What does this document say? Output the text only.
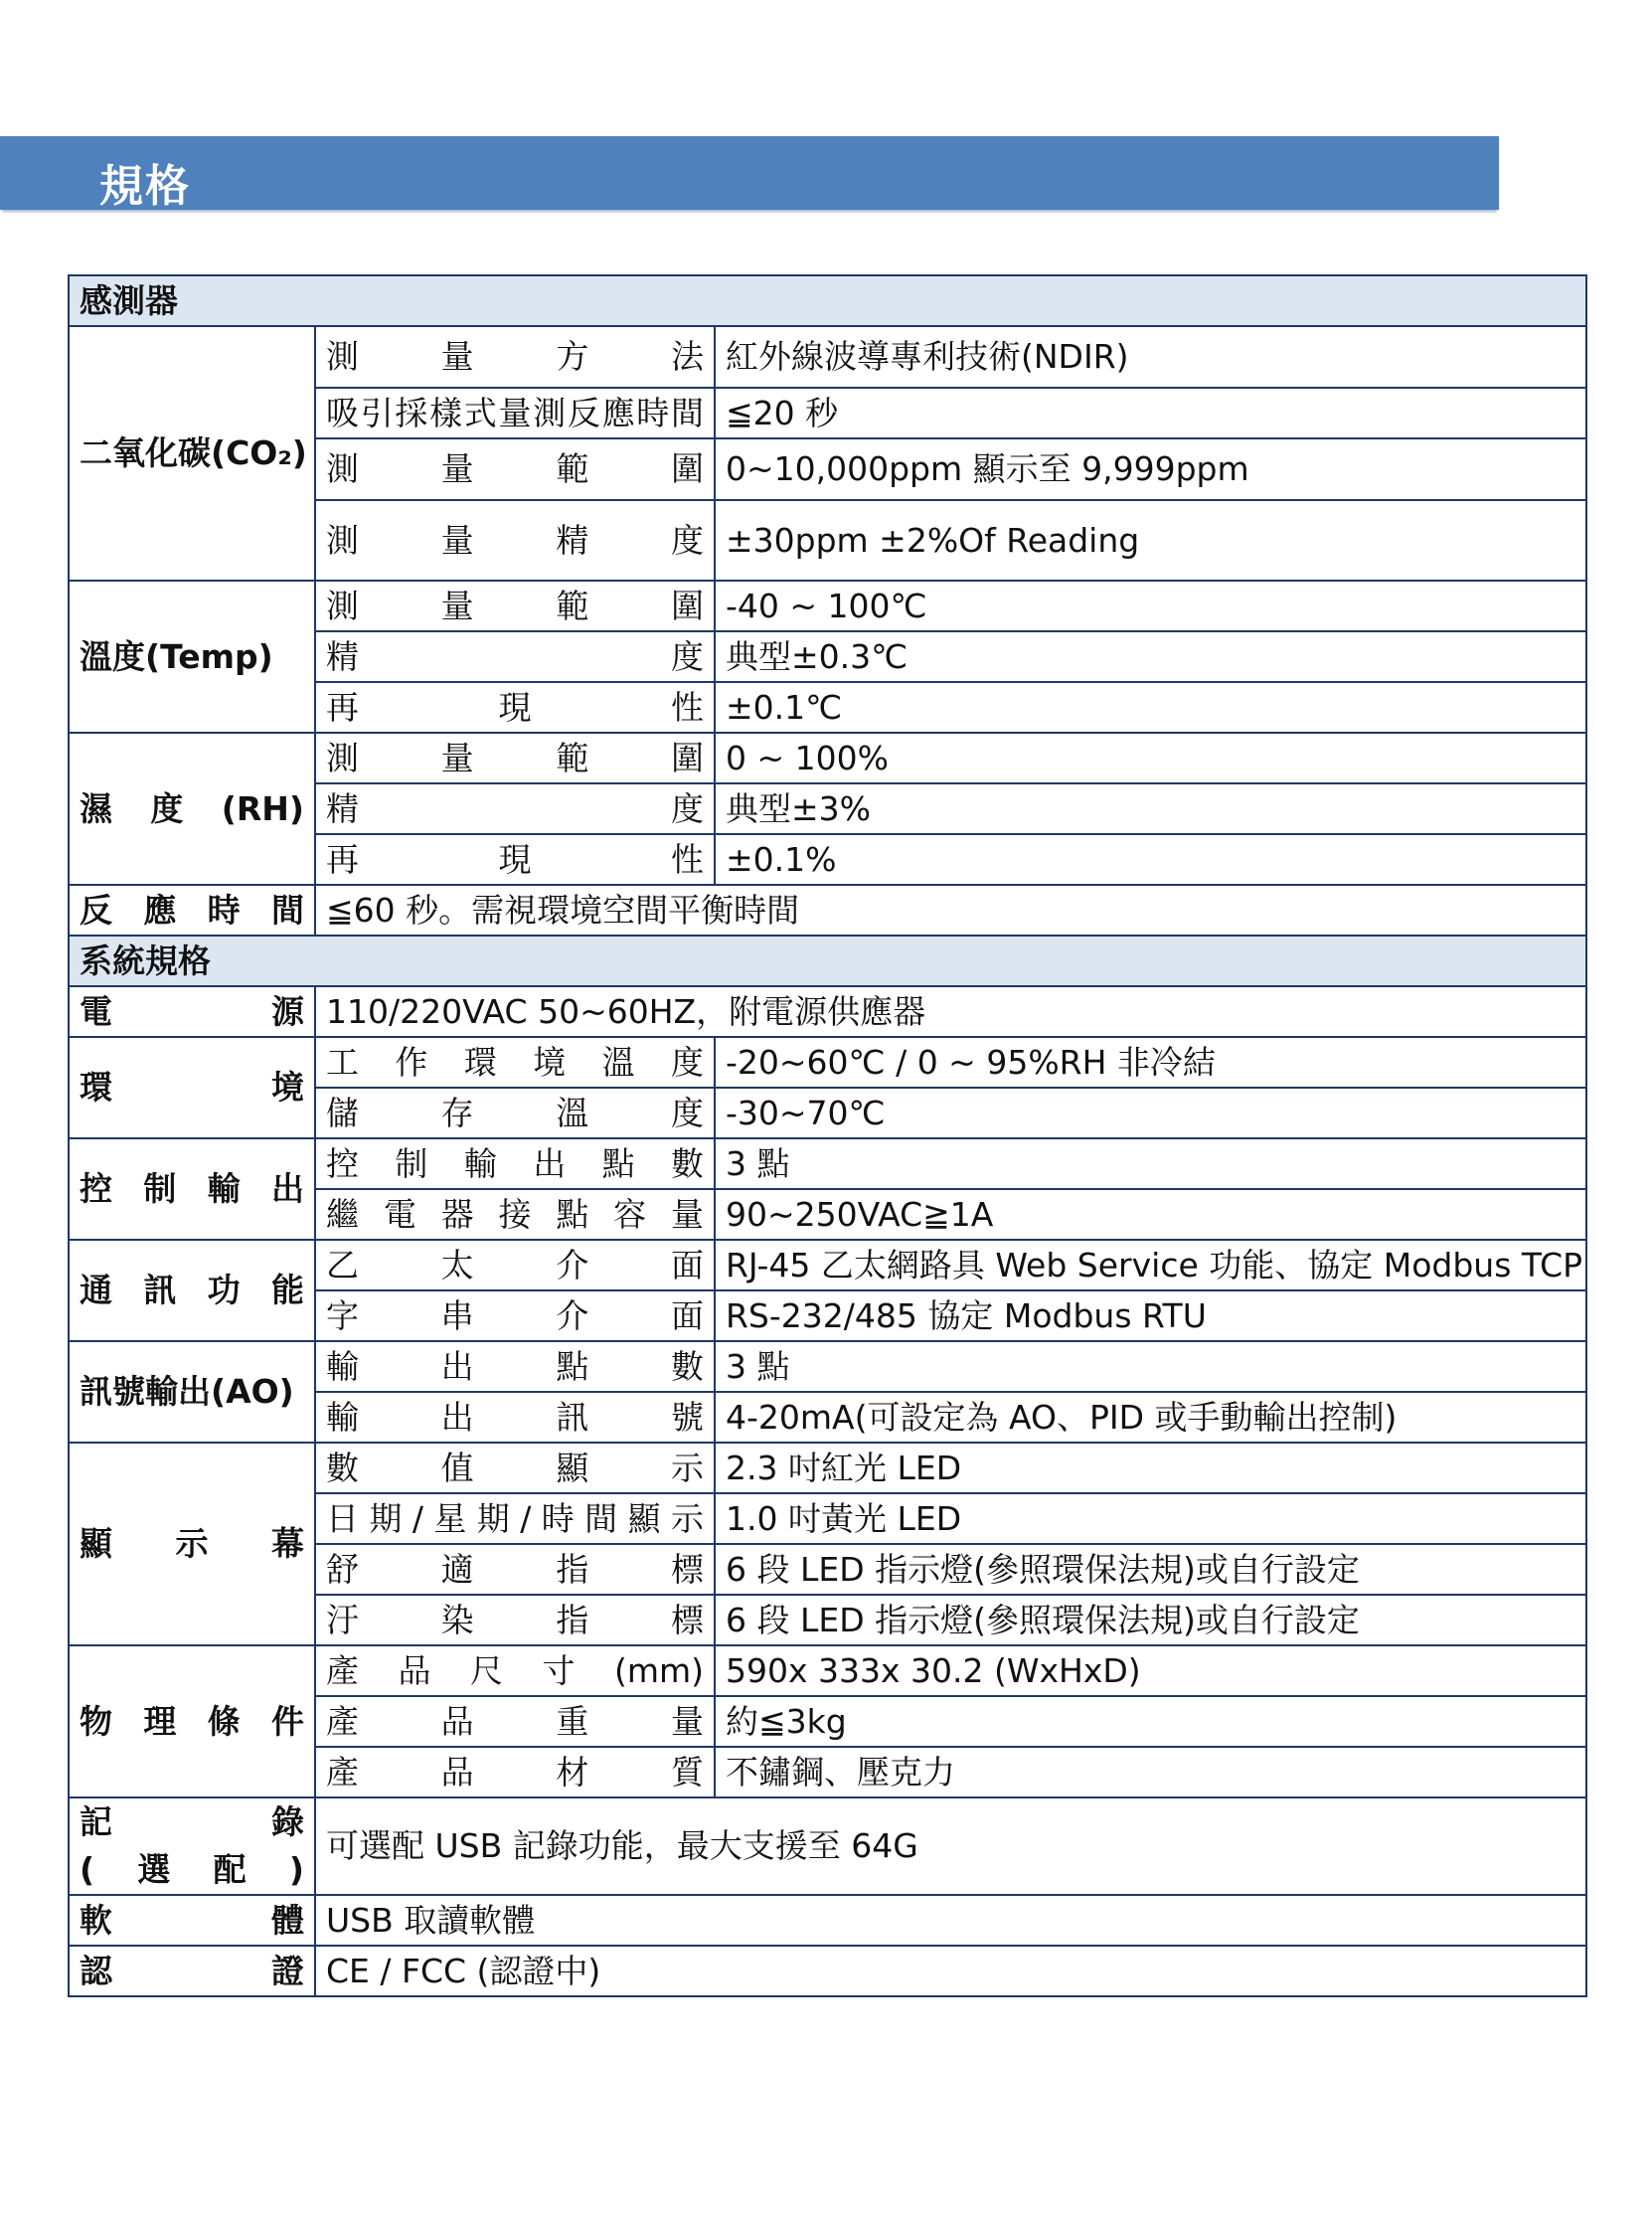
規格
感測器		
二氧化碳(CO₂)	測量方法	紅外線波導專利技術(NDIR)
	吸引採樣式量測反應時間	≦20 秒
	測量範圍	0~10,000ppm 顯示至 9,999ppm
	測量精度	±30ppm ±2%Of Reading
溫度(Temp)	測量範圍	-40 ~ 100℃
	精度	典型±0.3℃
	再現性	±0.1℃
濕度(RH)	測量範圍	0 ~ 100%
	精度	典型±3%
	再現性	±0.1%
反應時間	≦60 秒。需視環境空間平衡時間	
系統規格		
電源	110/220VAC 50~60HZ，附電源供應器	
環境	工作環境溫度	-20~60℃ / 0 ~ 95%RH 非冷結
	儲存溫度	-30~70℃
控制輸出	控制輸出點數	3 點
	繼電器接點容量	90~250VAC≧1A
通訊功能	乙太介面	RJ-45 乙太網路具 Web Service 功能、協定 Modbus TCP
	字串介面	RS-232/485 協定 Modbus RTU
訊號輸出(AO)	輸出點數	3 點
	輸出訊號	4-20mA(可設定為 AO、PID 或手動輸出控制)
顯示幕	數值顯示	2.3 吋紅光 LED
	日期/星期/時間顯示	1.0 吋黃光 LED
	舒適指標	6 段 LED 指示燈(參照環保法規)或自行設定
	汙染指標	6 段 LED 指示燈(參照環保法規)或自行設定
物理條件	產品尺寸(mm)	590x 333x 30.2 (WxHxD)
	產品重量	約≦3kg
	產品材質	不鏽鋼、壓克力

記錄
(選配)	可選配 USB 記錄功能，最大支援至 64G	
軟體	USB 取讀軟體	
認證	CE / FCC (認證中)	
